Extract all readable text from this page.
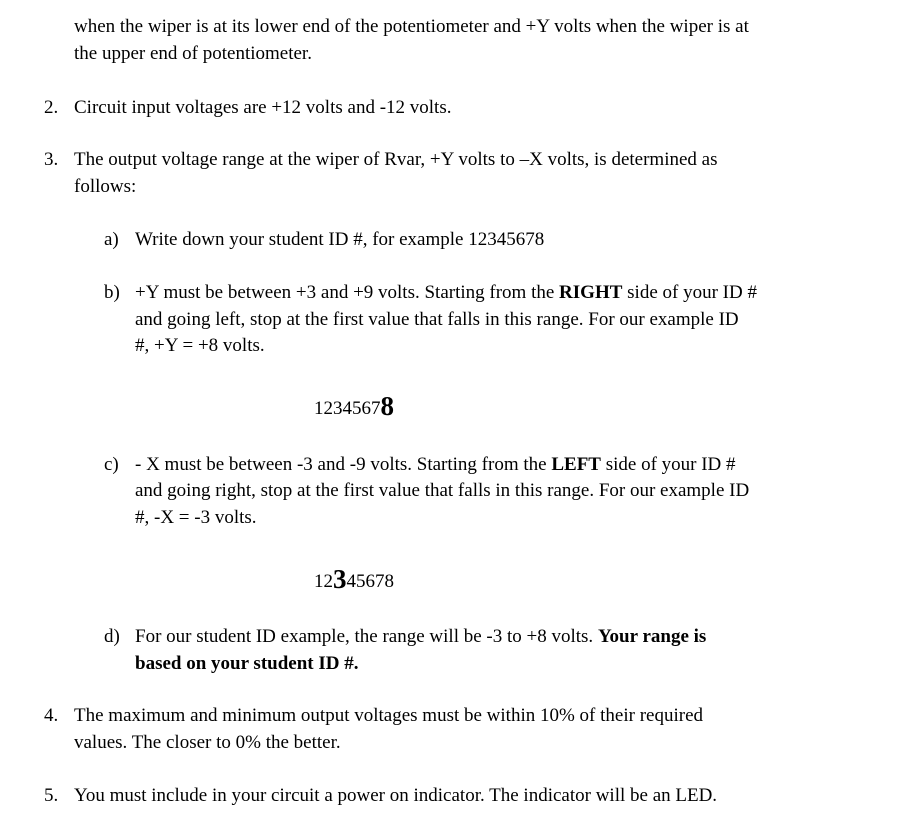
when the wiper is at its lower end of the potentiometer and +Y volts when the wiper is at
the upper end of potentiometer.
2. Circuit input voltages are +12 volts and -12 volts.
3. The output voltage range at the wiper of Rvar, +Y volts to –X volts, is determined as
follows:
a) Write down your student ID #, for example 12345678
b) +Y must be between +3 and +9 volts. Starting from the RIGHT side of your ID #
and going left, stop at the first value that falls in this range. For our example ID
#, +Y = +8 volts.
12345678
c) - X must be between -3 and -9 volts. Starting from the LEFT side of your ID #
and going right, stop at the first value that falls in this range. For our example ID
#, -X = -3 volts.
12345678
d) For our student ID example, the range will be -3 to +8 volts. Your range is
based on your student ID #.
4. The maximum and minimum output voltages must be within 10% of their required
values. The closer to 0% the better.
5. You must include in your circuit a power on indicator. The indicator will be an LED.
